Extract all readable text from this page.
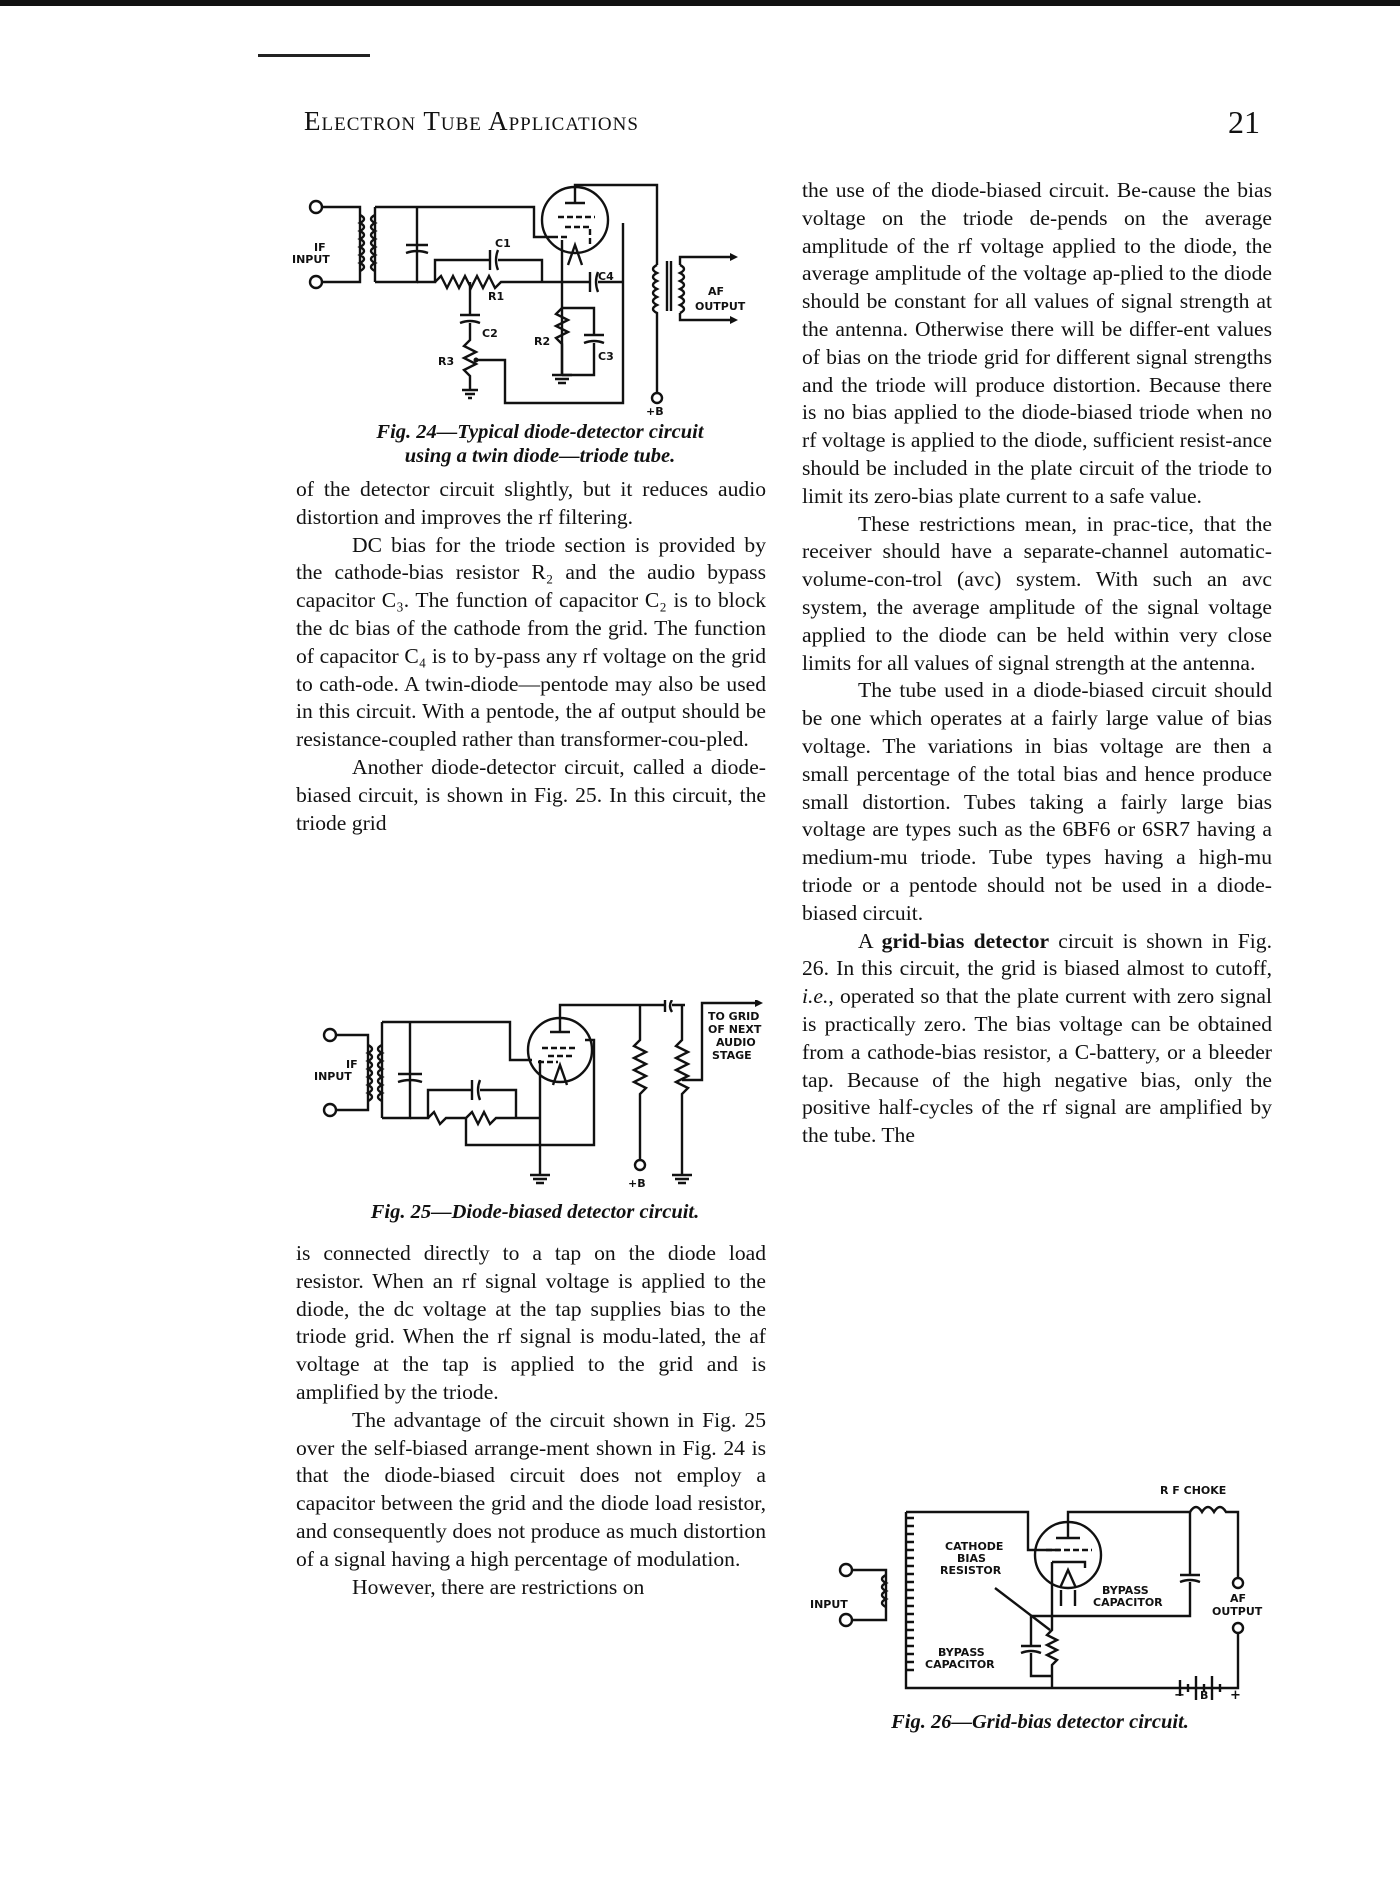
Electron Tube Applications	21
IF
INPUT
C1
R1
C2
R3
R2
C3
C4
AF
OUTPUT
+B
Fig. 24—Typical diode-detector circuit
using a twin diode—triode tube.

of the detector circuit slightly, but it reduces audio distortion and improves the rf filtering.

DC bias for the triode section is provided by the cathode-bias resistor R₂ and the audio bypass capacitor C₃. The function of capacitor C₂ is to block the dc bias of the cathode from the grid. The function of capacitor C₄ is to by-pass any rf voltage on the grid to cath-ode. A twin-diode—pentode may also be used in this circuit. With a pentode, the af output should be resistance-coupled rather than transformer-cou-pled.

Another diode-detector circuit, called a diode-biased circuit, is shown in Fig. 25. In this circuit, the triode grid

IF
INPUT
TO GRID
OF NEXT
AUDIO
STAGE
+B
Fig. 25—Diode-biased detector circuit.

is connected directly to a tap on the diode load resistor. When an rf signal voltage is applied to the diode, the dc voltage at the tap supplies bias to the triode grid. When the rf signal is modu-lated, the af voltage at the tap is applied to the grid and is amplified by the triode.

The advantage of the circuit shown in Fig. 25 over the self-biased arrange-ment shown in Fig. 24 is that the diode-biased circuit does not employ a capacitor between the grid and the diode load resistor, and consequently does not produce as much distortion of a signal having a high percentage of modulation.

However, there are restrictions on

the use of the diode-biased circuit. Be-cause the bias voltage on the triode de-pends on the average amplitude of the rf voltage applied to the diode, the average amplitude of the voltage ap-plied to the diode should be constant for all values of signal strength at the antenna. Otherwise there will be differ-ent values of bias on the triode grid for different signal strengths and the triode will produce distortion. Because there is no bias applied to the diode-biased triode when no rf voltage is applied to the diode, sufficient resist-ance should be included in the plate circuit of the triode to limit its zero-bias plate current to a safe value.

These restrictions mean, in prac-tice, that the receiver should have a separate-channel automatic-volume-con-trol (avc) system. With such an avc system, the average amplitude of the signal voltage applied to the diode can be held within very close limits for all values of signal strength at the antenna.

The tube used in a diode-biased circuit should be one which operates at a fairly large value of bias voltage. The variations in bias voltage are then a small percentage of the total bias and hence produce small distortion. Tubes taking a fairly large bias voltage are types such as the 6BF6 or 6SR7 having a medium-mu triode. Tube types having a high-mu triode or a pentode should not be used in a diode-biased circuit.

A grid-bias detector circuit is shown in Fig. 26. In this circuit, the grid is biased almost to cutoff, i.e., operated so that the plate current with zero signal is practically zero. The bias voltage can be obtained from a cathode-bias resistor, a C-battery, or a bleeder tap. Because of the high negative bias, only the positive half-cycles of the rf signal are amplified by the tube. The

R F CHOKE
CATHODE
BIAS
RESISTOR
INPUT
BYPASS
CAPACITOR
BYPASS
CAPACITOR
AF
OUTPUT
− B +
Fig. 26—Grid-bias detector circuit.
